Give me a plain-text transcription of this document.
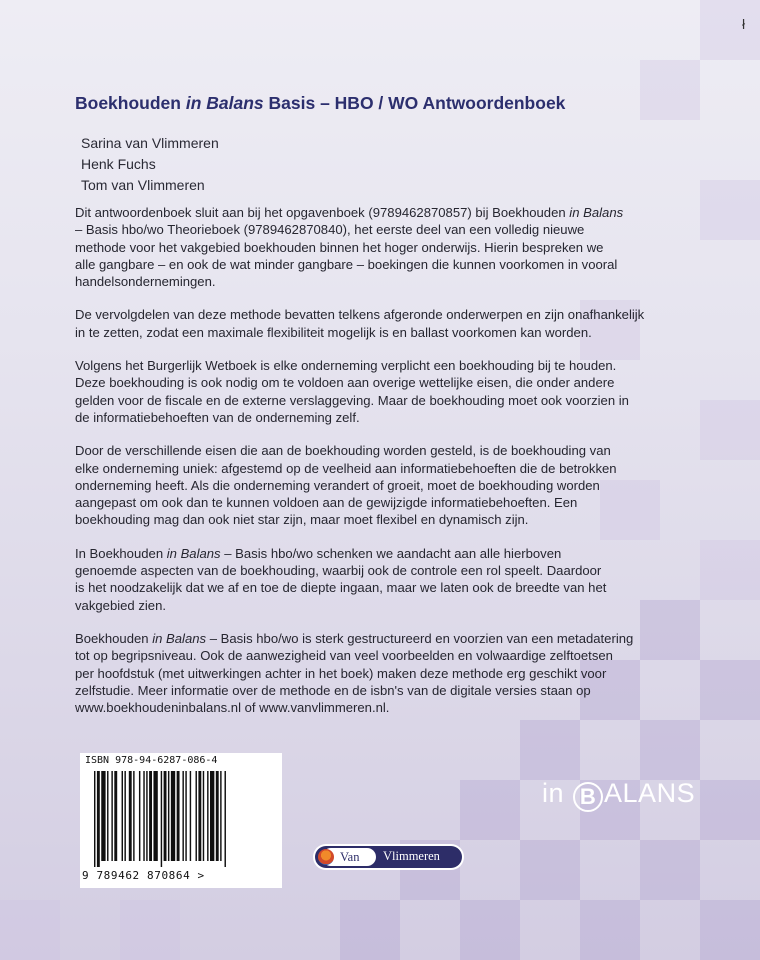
ł
Boekhouden in Balans Basis – HBO / WO Antwoordenboek
Sarina van Vlimmeren
Henk Fuchs
Tom van Vlimmeren

Dit antwoordenboek sluit aan bij het opgavenboek (9789462870857) bij Boekhouden in Balans
– Basis hbo/wo Theorieboek (9789462870840), het eerste deel van een volledig nieuwe
methode voor het vakgebied boekhouden binnen het hoger onderwijs. Hierin bespreken we
alle gangbare – en ook de wat minder gangbare – boekingen die kunnen voorkomen in vooral
handelsondernemingen.

De vervolgdelen van deze methode bevatten telkens afgeronde onderwerpen en zijn onafhankelijk
in te zetten, zodat een maximale flexibiliteit mogelijk is en ballast voorkomen kan worden.

Volgens het Burgerlijk Wetboek is elke onderneming verplicht een boekhouding bij te houden.
Deze boekhouding is ook nodig om te voldoen aan overige wettelijke eisen, die onder andere
gelden voor de fiscale en de externe verslaggeving. Maar de boekhouding moet ook voorzien in
de informatiebehoeften van de onderneming zelf.

Door de verschillende eisen die aan de boekhouding worden gesteld, is de boekhouding van
elke onderneming uniek: afgestemd op de veelheid aan informatiebehoeften die de betrokken
onderneming heeft. Als die onderneming verandert of groeit, moet de boekhouding worden
aangepast om ook dan te kunnen voldoen aan de gewijzigde informatiebehoeften. Een
boekhouding mag dan ook niet star zijn, maar moet flexibel en dynamisch zijn.

In Boekhouden in Balans – Basis hbo/wo schenken we aandacht aan alle hierboven
genoemde aspecten van de boekhouding, waarbij ook de controle een rol speelt. Daardoor
is het noodzakelijk dat we af en toe de diepte ingaan, maar we laten ook de breedte van het
vakgebied zien.

Boekhouden in Balans – Basis hbo/wo is sterk gestructureerd en voorzien van een metadatering
tot op begripsniveau. Ook de aanwezigheid van veel voorbeelden en volwaardige zelftoetsen
per hoofdstuk (met uitwerkingen achter in het boek) maken deze methode erg geschikt voor
zelfstudie. Meer informatie over de methode en de isbn's van de digitale versies staan op
www.boekhoudeninbalans.nl of www.vanvlimmeren.nl.

ISBN 978-94-6287-086-4
9 789462 870864 >
in B ALANS
Van Vlimmeren
